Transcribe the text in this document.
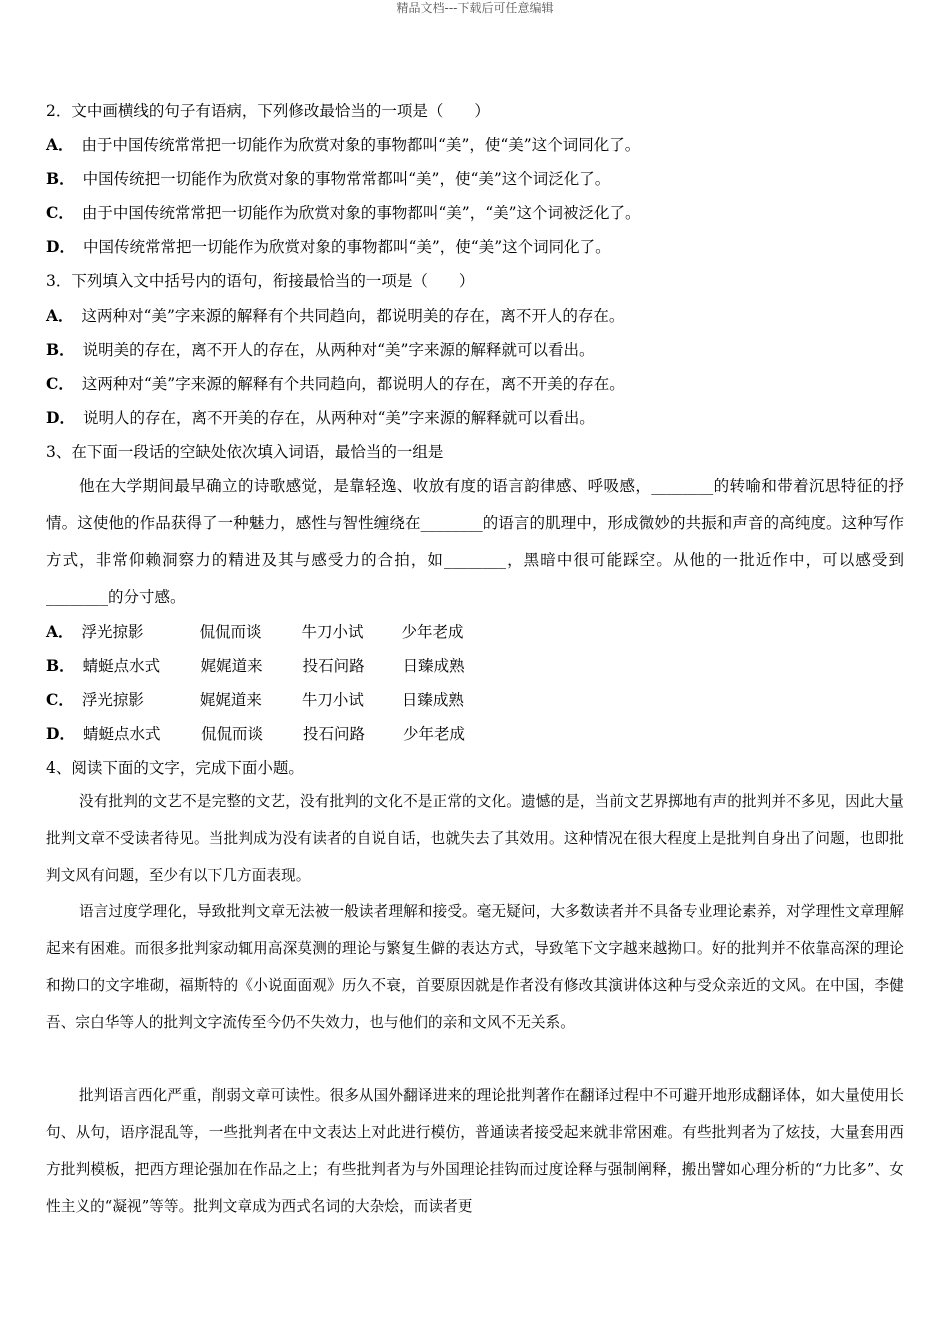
精品文档---下载后可任意编辑
2．文中画横线的句子有语病，下列修改最恰当的一项是（　　）
A． 由于中国传统常常把一切能作为欣赏对象的事物都叫“美”，使“美”这个词同化了。
B． 中国传统把一切能作为欣赏对象的事物常常都叫“美”，使“美”这个词泛化了。
C． 由于中国传统常常把一切能作为欣赏对象的事物都叫“美”，“美”这个词被泛化了。
D． 中国传统常常把一切能作为欣赏对象的事物都叫“美”，使“美”这个词同化了。
3．下列填入文中括号内的语句，衔接最恰当的一项是（　　）
A． 这两种对“美”字来源的解释有个共同趋向，都说明美的存在，离不开人的存在。
B． 说明美的存在，离不开人的存在，从两种对“美”字来源的解释就可以看出。
C． 这两种对“美”字来源的解释有个共同趋向，都说明人的存在，离不开美的存在。
D． 说明人的存在，离不开美的存在，从两种对“美”字来源的解释就可以看出。
3、在下面一段话的空缺处依次填入词语，最恰当的一组是

他在大学期间最早确立的诗歌感觉，是靠轻逸、收放有度的语言韵律感、呼吸感，________的转喻和带着沉思特征的抒情。这使他的作品获得了一种魅力，感性与智性缠绕在________的语言的肌理中，形成微妙的共振和声音的高纯度。这种写作方式，非常仰赖洞察力的精进及其与感受力的合拍，如________，黑暗中很可能踩空。从他的一批近作中，可以感受到________的分寸感。

A． 浮光掠影	侃侃而谈	牛刀小试 少年老成
B． 蜻蜓点水式	娓娓道来	投石问路 日臻成熟
C． 浮光掠影	娓娓道来	牛刀小试 日臻成熟
D． 蜻蜓点水式	侃侃而谈	投石问路 少年老成
4、阅读下面的文字，完成下面小题。

没有批判的文艺不是完整的文艺，没有批判的文化不是正常的文化。遗憾的是，当前文艺界掷地有声的批判并不多见，因此大量批判文章不受读者待见。当批判成为没有读者的自说自话，也就失去了其效用。这种情况在很大程度上是批判自身出了问题，也即批判文风有问题，至少有以下几方面表现。

语言过度学理化，导致批判文章无法被一般读者理解和接受。毫无疑问，大多数读者并不具备专业理论素养，对学理性文章理解起来有困难。而很多批判家动辄用高深莫测的理论与繁复生僻的表达方式，导致笔下文字越来越拗口。好的批判并不依靠高深的理论和拗口的文字堆砌，福斯特的《小说面面观》历久不衰，首要原因就是作者没有修改其演讲体这种与受众亲近的文风。在中国，李健吾、宗白华等人的批判文字流传至今仍不失效力，也与他们的亲和文风不无关系。

批判语言西化严重，削弱文章可读性。很多从国外翻译进来的理论批判著作在翻译过程中不可避开地形成翻译体，如大量使用长句、从句，语序混乱等，一些批判者在中文表达上对此进行模仿，普通读者接受起来就非常困难。有些批判者为了炫技，大量套用西方批判模板，把西方理论强加在作品之上；有些批判者为与外国理论挂钩而过度诠释与强制阐释，搬出譬如心理分析的“力比多”、女性主义的“凝视”等等。批判文章成为西式名词的大杂烩，而读者更
